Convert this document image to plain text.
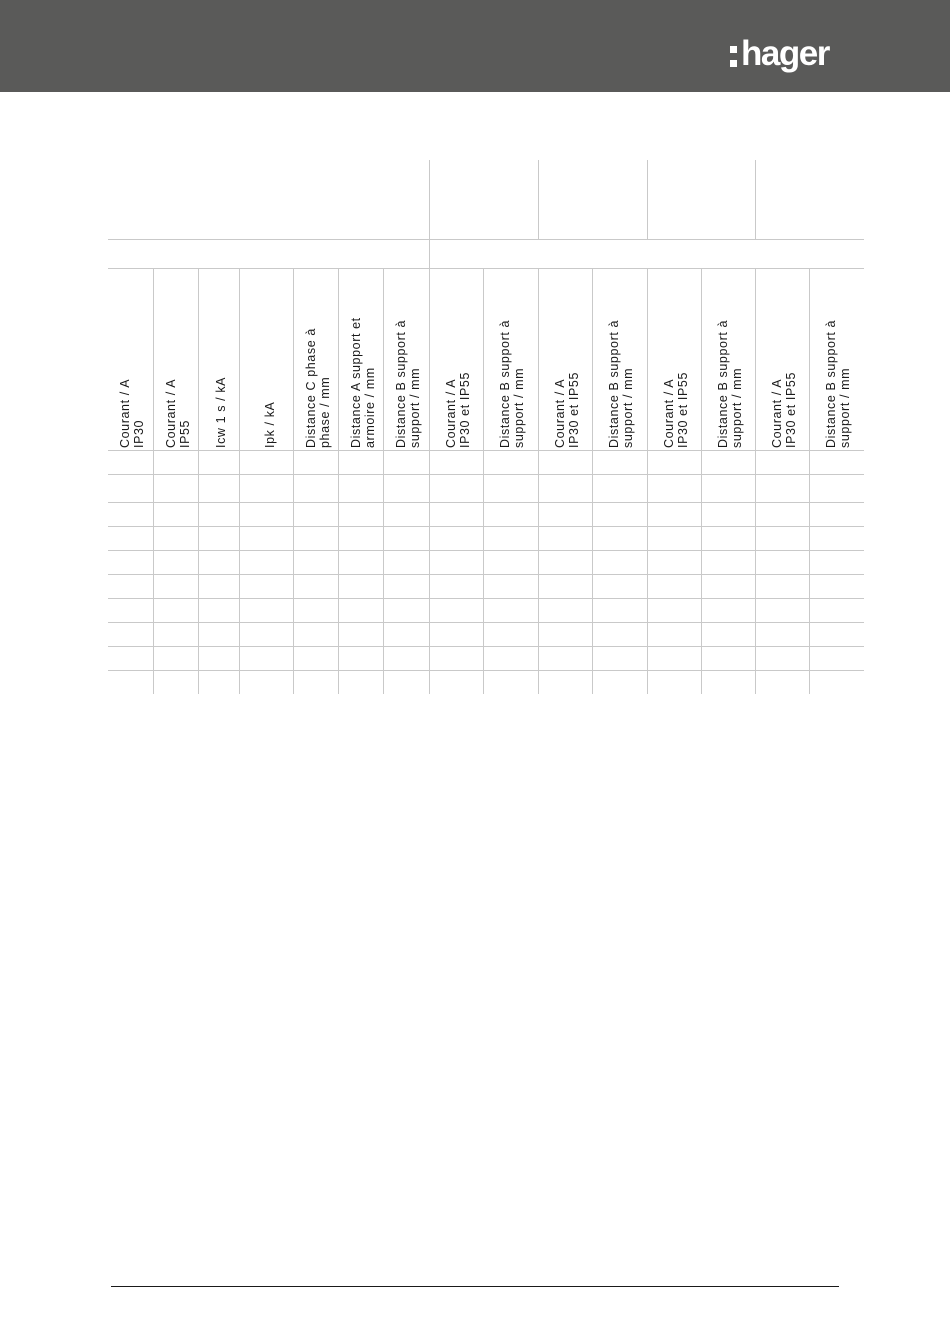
hager
Courant / A
IP30 Courant / A
IP55 Icw 1 s / kA	Ipk / kA Distance C phase à
phase / mm
Distance A support et
armoire / mm
Distance B support à
support / mm
Courant / A
IP30 et IP55
Distance B support à
support / mm
Courant / A
IP30 et IP55
Distance B support à
support / mm
Courant / A
IP30 et IP55
Distance B support à
support / mm
Courant / A
IP30 et IP55
Distance B support à
support / mm
